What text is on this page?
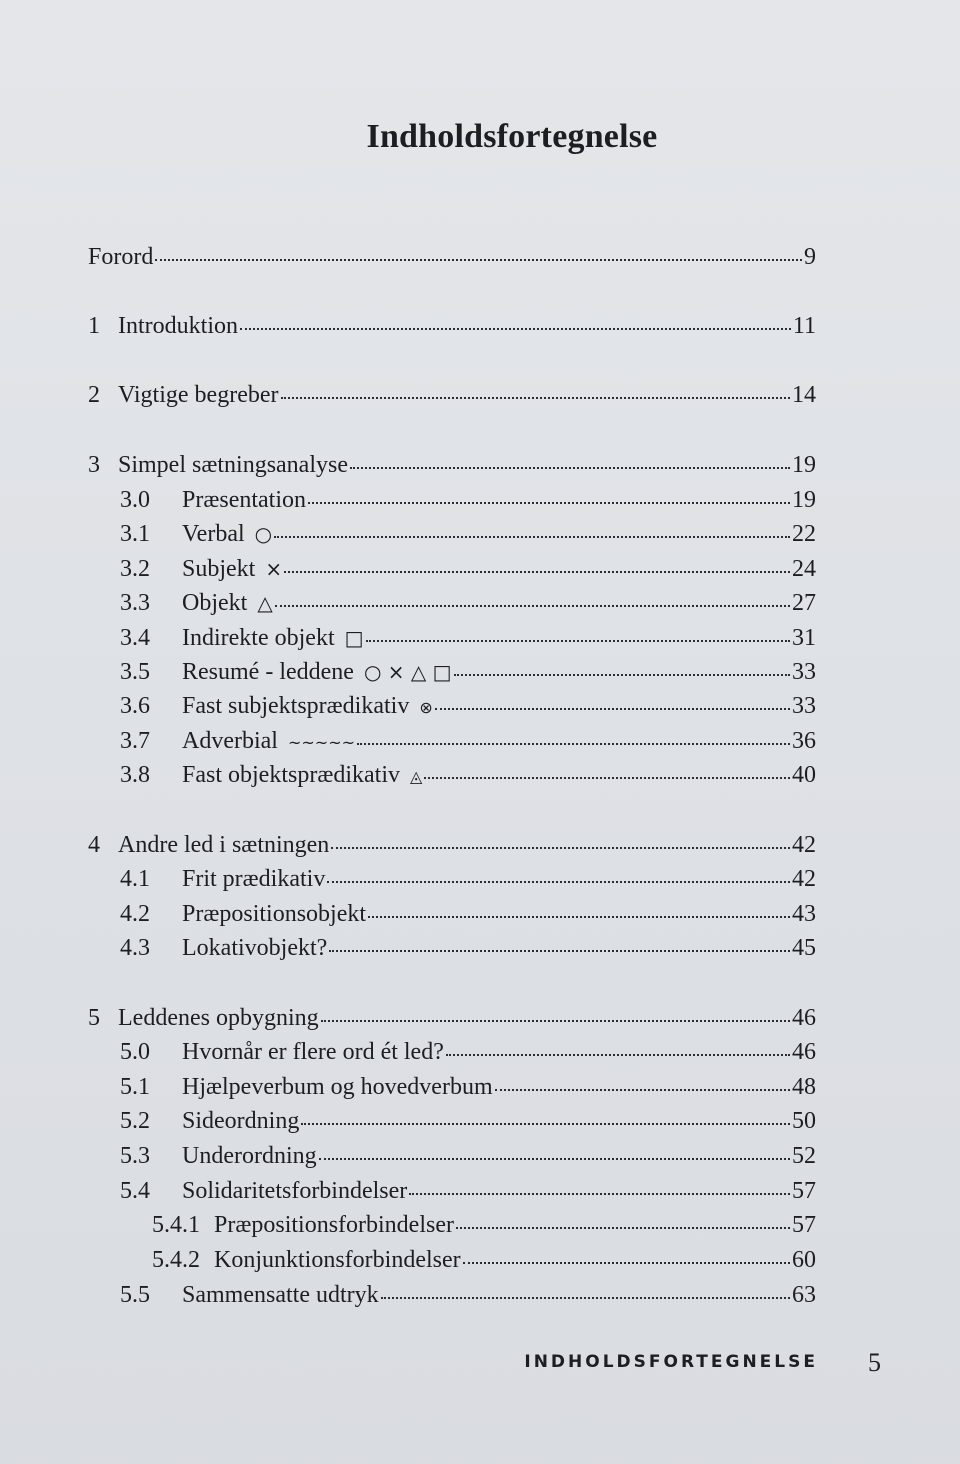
Indholdsfortegnelse
Forord	9
1 Introduktion	11
2 Vigtige begreber	14
3 Simpel sætningsanalyse	19
3.0	Præsentation	19
3.1	Verbal ○	22
3.2	Subjekt ×	24
3.3	Objekt △	27
3.4	Indirekte objekt □	31
3.5	Resumé - leddene ○ × △ □	33
3.6	Fast subjektsprædikativ ⊗	33
3.7	Adverbial ~~~~~	36
3.8	Fast objektsprædikativ ◬	40
4 Andre led i sætningen	42
4.1	Frit prædikativ	42
4.2	Præpositionsobjekt	43
4.3	Lokativobjekt?	45
5 Leddenes opbygning	46
5.0	Hvornår er flere ord ét led?	46
5.1	Hjælpeverbum og hovedverbum	48
5.2	Sideordning	50
5.3	Underordning	52
5.4	Solidaritetsforbindelser	57
5.4.1 Præpositionsforbindelser	57
5.4.2 Konjunktionsforbindelser	60
5.5	Sammensatte udtryk	63
INDHOLDSFORTEGNELSE 5
